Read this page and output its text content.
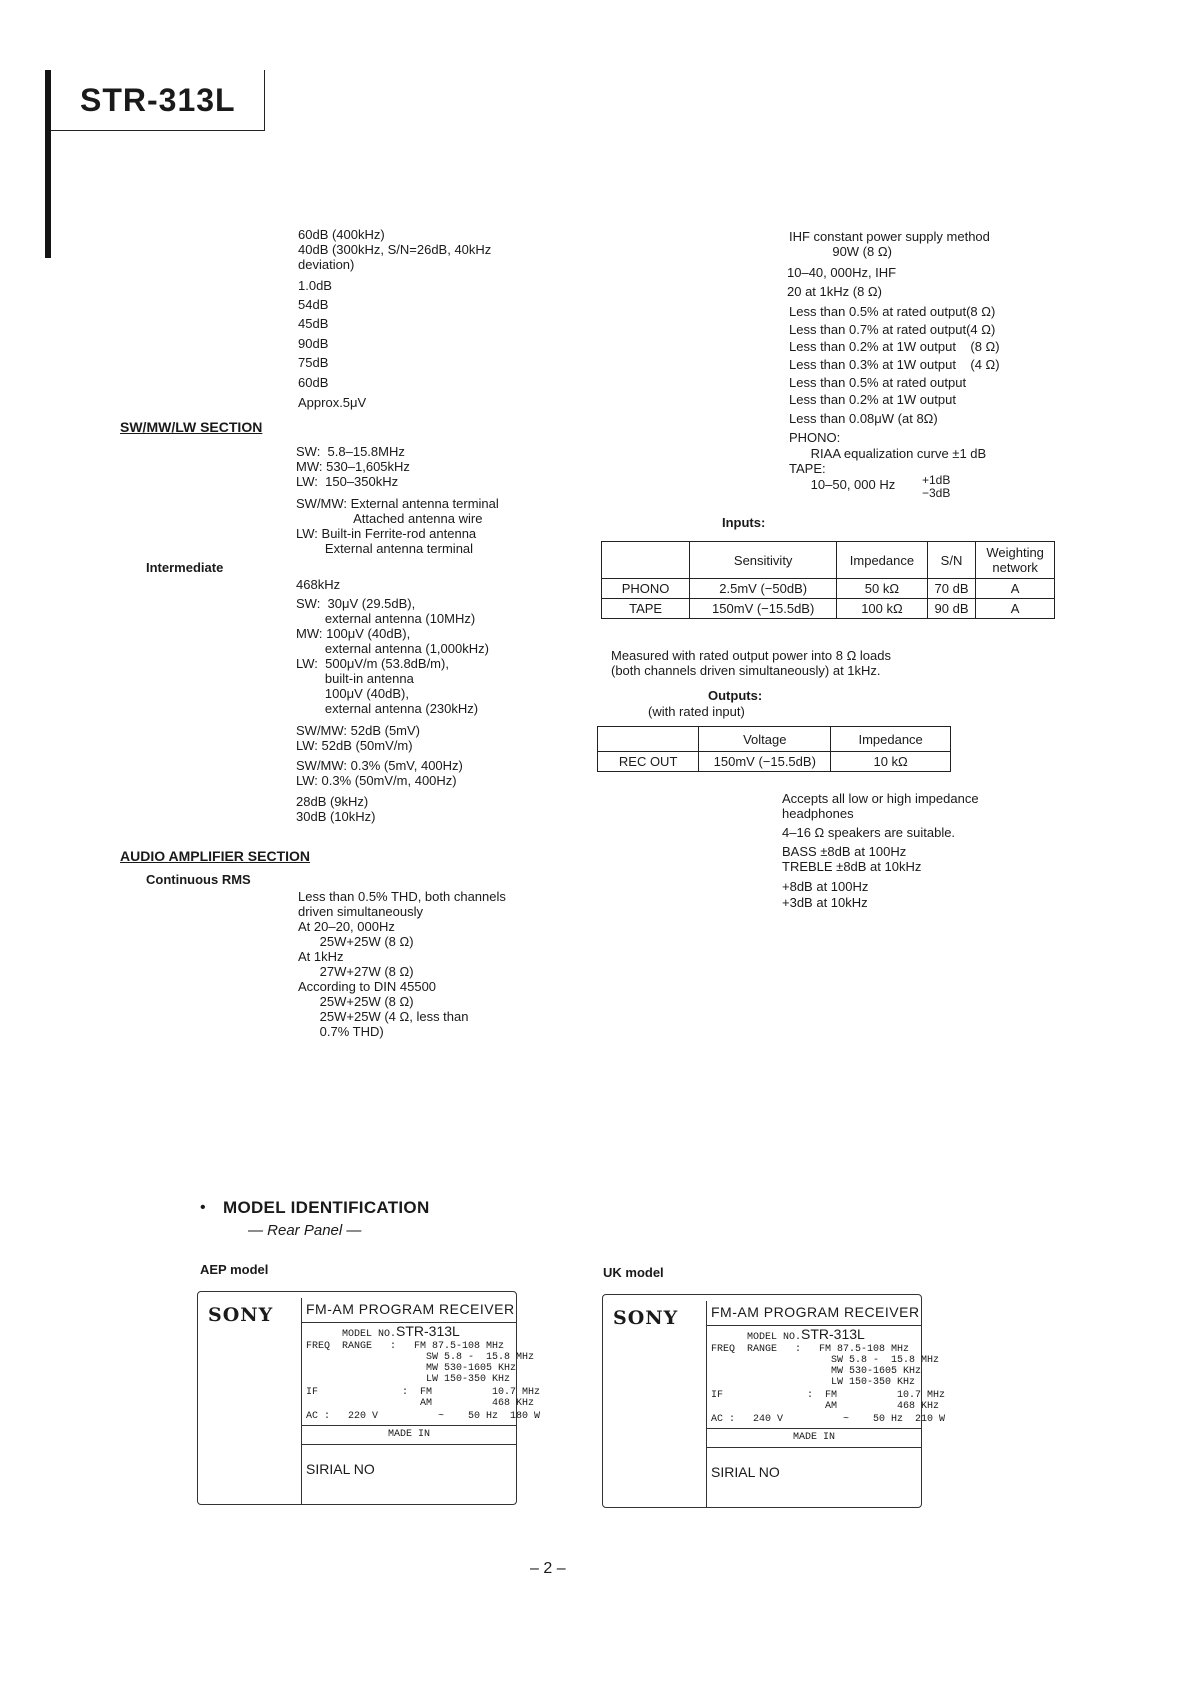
STR-313L
60dB (400kHz)
40dB (300kHz, S/N=26dB, 40kHz
deviation)
1.0dB
54dB
45dB
90dB
75dB
60dB
Approx.5μV
SW/MW/LW SECTION
SW:  5.8–15.8MHz
MW: 530–1,605kHz
LW:  150–350kHz
SW/MW: External antenna terminal
Attached antenna wire
LW: Built-in Ferrite-rod antenna
External antenna terminal
Intermediate
468kHz
SW:  30μV (29.5dB),
external antenna (10MHz)
MW: 100μV (40dB),
external antenna (1,000kHz)
LW:  500μV/m (53.8dB/m),
built-in antenna
100μV (40dB),
external antenna (230kHz)
SW/MW: 52dB (5mV)
LW: 52dB (50mV/m)
SW/MW: 0.3% (5mV, 400Hz)
LW: 0.3% (50mV/m, 400Hz)
28dB (9kHz)
30dB (10kHz)
AUDIO AMPLIFIER SECTION
Continuous RMS
Less than 0.5% THD, both channels
driven simultaneously
At 20–20, 000Hz
25W+25W (8 Ω)
At 1kHz
27W+27W (8 Ω)
According to DIN 45500
25W+25W (8 Ω)
25W+25W (4 Ω, less than
0.7% THD)
IHF constant power supply method
90W (8 Ω)
10–40, 000Hz, IHF
20 at 1kHz (8 Ω)
Less than 0.5% at rated output(8 Ω)
Less than 0.7% at rated output(4 Ω)
Less than 0.2% at 1W output    (8 Ω)
Less than 0.3% at 1W output    (4 Ω)
Less than 0.5% at rated output
Less than 0.2% at 1W output
Less than 0.08μW (at 8Ω)
PHONO:
RIAA equalization curve ±1 dB
TAPE:
10–50, 000 Hz	+1dB
−3dB
Inputs:
	Sensitivity	Impedance	S/N	Weighting network
PHONO	2.5mV (−50dB)	50 kΩ	70 dB	A
TAPE	150mV (−15.5dB)	100 kΩ	90 dB	A
Measured with rated output power into 8 Ω loads
(both channels driven simultaneously) at 1kHz.
Outputs:
(with rated input)
	Voltage	Impedance
REC OUT	150mV (−15.5dB)	10 kΩ
Accepts all low or high impedance
headphones
4–16 Ω speakers are suitable.
BASS ±8dB at 100Hz
TREBLE ±8dB at 10kHz
+8dB at 100Hz
+3dB at 10kHz
• MODEL IDENTIFICATION
— Rear Panel —
AEP model
SONY FM-AM PROGRAM RECEIVER
MODEL NO.STR-313L
FREQ  RANGE   :   FM 87.5-108 MHz
SW 5.8 -  15.8 MHz
MW 530-1605 KHz
LW 150-350 KHz
IF              :  FM          10.7 MHz
AM          468 KHz
AC :   220 V          ~    50 Hz  180 W
MADE IN
SIRIAL NO
UK model
SONY FM-AM PROGRAM RECEIVER
MODEL NO.STR-313L
FREQ  RANGE   :   FM 87.5-108 MHz
SW 5.8 -  15.8 MHz
MW 530-1605 KHz
LW 150-350 KHz
IF              :  FM          10.7 MHz
AM          468 KHz
AC :   240 V          ~    50 Hz  210 W
MADE IN
SIRIAL NO
– 2 –
